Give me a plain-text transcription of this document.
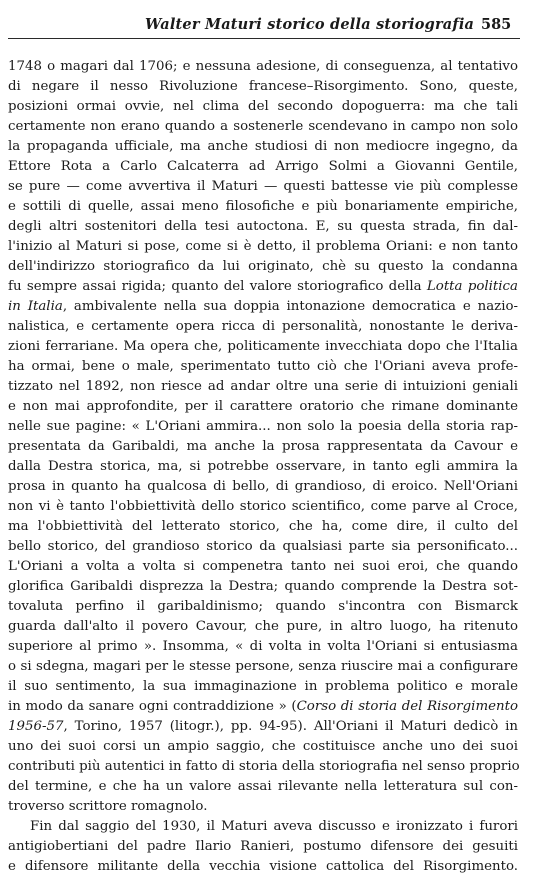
Walter Maturi storico della storiografia 585
1748 o magari dal 1706; e nessuna adesione, di conseguenza, al tentativo
di negare il nesso Rivoluzione francese–Risorgimento. Sono, queste,
posizioni ormai ovvie, nel clima del secondo dopoguerra: ma che tali
certamente non erano quando a sostenerle scendevano in campo non solo
la propaganda ufficiale, ma anche studiosi di non mediocre ingegno, da
Ettore Rota a Carlo Calcaterra ad Arrigo Solmi a Giovanni Gentile,
se pure — come avvertiva il Maturi — questi battesse vie più complesse
e sottili di quelle, assai meno filosofiche e più bonariamente empiriche,
degli altri sostenitori della tesi autoctona. E, su questa strada, fin dal-
l'inizio al Maturi si pose, come si è detto, il problema Oriani: e non tanto
dell'indirizzo storiografico da lui originato, chè su questo la condanna
fu sempre assai rigida; quanto del valore storiografico della Lotta politica
in Italia, ambivalente nella sua doppia intonazione democratica e nazio-
nalistica, e certamente opera ricca di personalità, nonostante le deriva-
zioni ferrariane. Ma opera che, politicamente invecchiata dopo che l'Italia
ha ormai, bene o male, sperimentato tutto ciò che l'Oriani aveva profe-
tizzato nel 1892, non riesce ad andar oltre una serie di intuizioni geniali
e non mai approfondite, per il carattere oratorio che rimane dominante
nelle sue pagine: « L'Oriani ammira... non solo la poesia della storia rap-
presentata da Garibaldi, ma anche la prosa rappresentata da Cavour e
dalla Destra storica, ma, si potrebbe osservare, in tanto egli ammira la
prosa in quanto ha qualcosa di bello, di grandioso, di eroico. Nell'Oriani
non vi è tanto l'obbiettività dello storico scientifico, come parve al Croce,
ma l'obbiettività del letterato storico, che ha, come dire, il culto del
bello storico, del grandioso storico da qualsiasi parte sia personificato...
L'Oriani a volta a volta si compenetra tanto nei suoi eroi, che quando
glorifica Garibaldi disprezza la Destra; quando comprende la Destra sot-
tovaluta perfino il garibaldinismo; quando s'incontra con Bismarck
guarda dall'alto il povero Cavour, che pure, in altro luogo, ha ritenuto
superiore al primo ». Insomma, « di volta in volta l'Oriani si entusiasma
o si sdegna, magari per le stesse persone, senza riuscire mai a configurare
il suo sentimento, la sua immaginazione in problema politico e morale
in modo da sanare ogni contraddizione » (Corso di storia del Risorgimento
1956-57, Torino, 1957 (litogr.), pp. 94-95). All'Oriani il Maturi dedicò in
uno dei suoi corsi un ampio saggio, che costituisce anche uno dei suoi
contributi più autentici in fatto di storia della storiografia nel senso proprio
del termine, e che ha un valore assai rilevante nella letteratura sul con-
troverso scrittore romagnolo.
Fin dal saggio del 1930, il Maturi aveva discusso e ironizzato i furori
antigiobertiani del padre Ilario Ranieri, postumo difensore dei gesuiti
e difensore militante della vecchia visione cattolica del Risorgimento.
